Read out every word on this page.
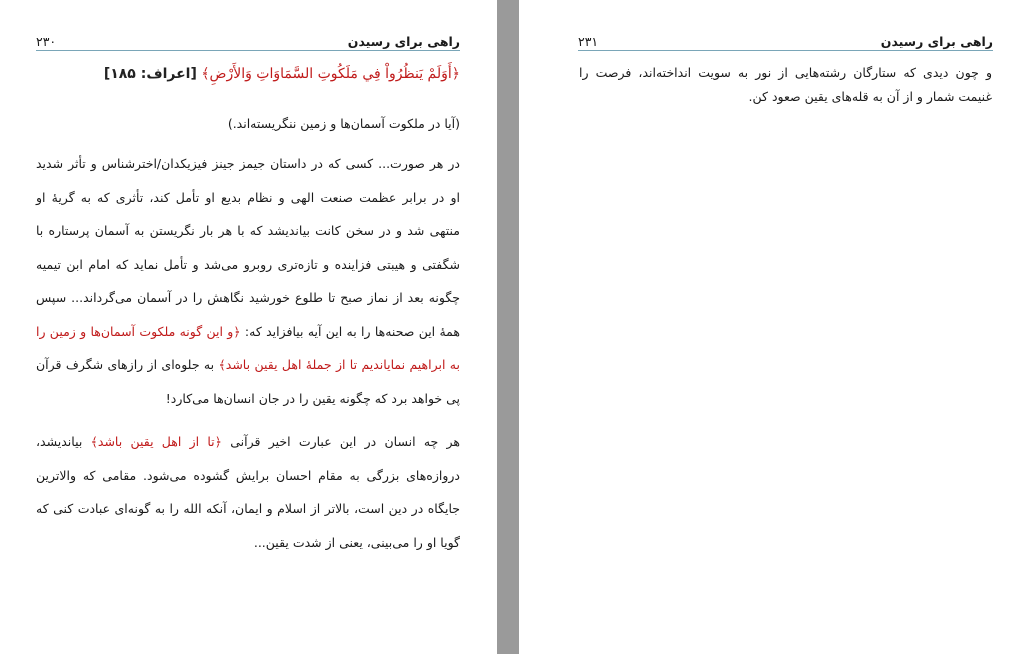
راهی برای رسیدن
۲۳۰

﴿أَوَلَمْ يَنظُرُواْ فِي مَلَكُوتِ السَّمَاوَاتِ وَالأَرْضِ﴾ [اعراف: ۱۸۵]

(آیا در ملکوت آسمان‌ها و زمین ننگریسته‌اند.)

در هر صورت... کسی که در داستان جیمز جینز فیزیکدان/اخترشناس و تأثر شدید او در برابر عظمت صنعت الهی و نظام بدیع او تأمل کند، تأثری که به گریهٔ او منتهی شد و در سخن کانت بیاندیشد که با هر بار نگریستن به آسمان پرستاره با شگفتی و هیبتی فزاینده و تازه‌تری روبرو می‌شد و تأمل نماید که امام ابن تیمیه چگونه بعد از نماز صبح تا طلوع خورشید نگاهش را در آسمان می‌گرداند... سپس همهٔ این صحنه‌ها را به این آیه بیافزاید که: ﴿و این گونه ملکوت آسمان‌ها و زمین را به ابراهیم نمایاندیم تا از جملهٔ اهل یقین باشد﴾ به جلوه‌ای از رازهای شگرف قرآن پی خواهد برد که چگونه یقین را در جان انسان‌ها می‌کارد!

هر چه انسان در این عبارت اخیر قرآنی ﴿تا از اهل یقین باشد﴾ بیاندیشد، دروازه‌های بزرگی به مقام احسان برایش گشوده می‌شود. مقامی که والاترین جایگاه در دین است، بالاتر از اسلام و ایمان، آنکه الله را به گونه‌ای عبادت کنی که گویا او را می‌بینی، یعنی از شدت یقین...

راهی برای رسیدن
۲۳۱

و چون دیدی که ستارگان رشته‌هایی از نور به سویت انداخته‌اند، فرصت را غنیمت شمار و از آن به قله‌های یقین صعود کن.
